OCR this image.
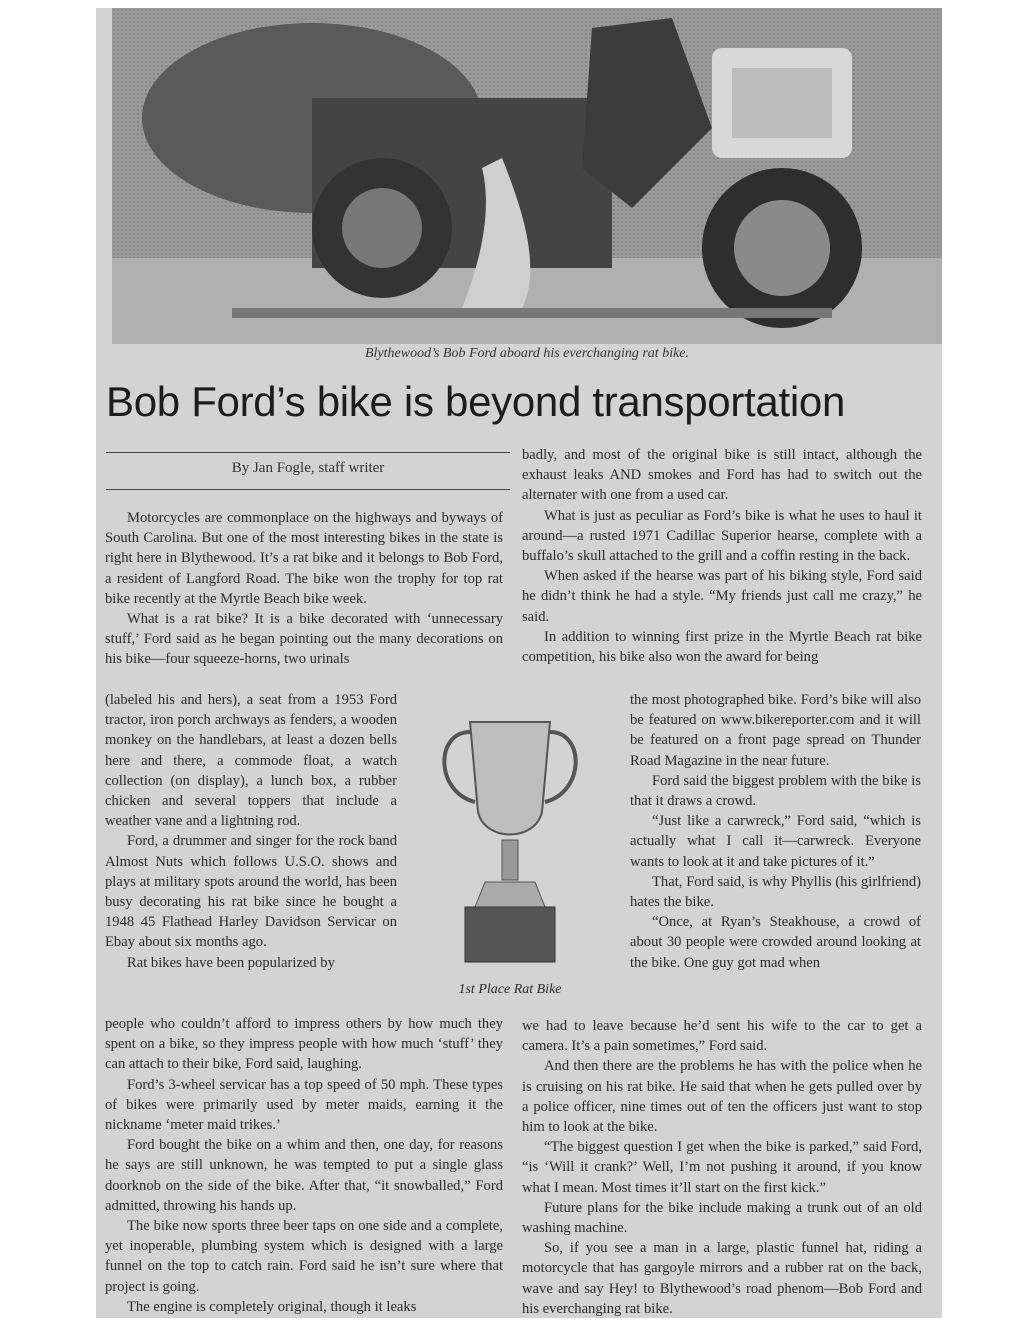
Blythewood’s Bob Ford aboard his everchanging rat bike.
Bob Ford’s bike is beyond transportation
By Jan Fogle, staff writer

Motorcycles are commonplace on the highways and byways of South Carolina. But one of the most interesting bikes in the state is right here in Blythewood. It’s a rat bike and it belongs to Bob Ford, a resident of Langford Road. The bike won the trophy for top rat bike recently at the Myrtle Beach bike week.

What is a rat bike? It is a bike decorated with ‘unnecessary stuff,’ Ford said as he began pointing out the many decorations on his bike—four squeeze-horns, two urinals

(labeled his and hers), a seat from a 1953 Ford tractor, iron porch archways as fenders, a wooden monkey on the handlebars, at least a dozen bells here and there, a commode float, a watch collection (on display), a lunch box, a rubber chicken and several toppers that include a weather vane and a lightning rod.

Ford, a drummer and singer for the rock band Almost Nuts which follows U.S.O. shows and plays at military spots around the world, has been busy decorating his rat bike since he bought a 1948 45 Flathead Harley Davidson Servicar on Ebay about six months ago.

Rat bikes have been popularized by

people who couldn’t afford to impress others by how much they spent on a bike, so they impress people with how much ‘stuff’ they can attach to their bike, Ford said, laughing.

Ford’s 3-wheel servicar has a top speed of 50 mph. These types of bikes were primarily used by meter maids, earning it the nickname ‘meter maid trikes.’

Ford bought the bike on a whim and then, one day, for reasons he says are still unknown, he was tempted to put a single glass doorknob on the side of the bike. After that, “it snowballed,” Ford admitted, throwing his hands up.

The bike now sports three beer taps on one side and a complete, yet inoperable, plumbing system which is designed with a large funnel on the top to catch rain. Ford said he isn’t sure where that project is going.

The engine is completely original, though it leaks

badly, and most of the original bike is still intact, although the exhaust leaks AND smokes and Ford has had to switch out the alternater with one from a used car.

What is just as peculiar as Ford’s bike is what he uses to haul it around—a rusted 1971 Cadillac Superior hearse, complete with a buffalo’s skull attached to the grill and a coffin resting in the back.

When asked if the hearse was part of his biking style, Ford said he didn’t think he had a style. “My friends just call me crazy,” he said.

In addition to winning first prize in the Myrtle Beach rat bike competition, his bike also won the award for being

the most photographed bike. Ford’s bike will also be featured on www.bikereporter.com and it will be featured on a front page spread on Thunder Road Magazine in the near future.

Ford said the biggest problem with the bike is that it draws a crowd.

“Just like a carwreck,” Ford said, “which is actually what I call it—carwreck. Everyone wants to look at it and take pictures of it.”

That, Ford said, is why Phyllis (his girlfriend) hates the bike.

“Once, at Ryan’s Steakhouse, a crowd of about 30 people were crowded around looking at the bike. One guy got mad when

we had to leave because he’d sent his wife to the car to get a camera. It’s a pain sometimes,” Ford said.

And then there are the problems he has with the police when he is cruising on his rat bike. He said that when he gets pulled over by a police officer, nine times out of ten the officers just want to stop him to look at the bike.

“The biggest question I get when the bike is parked,” said Ford, “is ‘Will it crank?’ Well, I’m not pushing it around, if you know what I mean. Most times it’ll start on the first kick.”

Future plans for the bike include making a trunk out of an old washing machine.

So, if you see a man in a large, plastic funnel hat, riding a motorcycle that has gargoyle mirrors and a rubber rat on the back, wave and say Hey! to Blythewood’s road phenom—Bob Ford and his everchanging rat bike.

1st Place Rat Bike
